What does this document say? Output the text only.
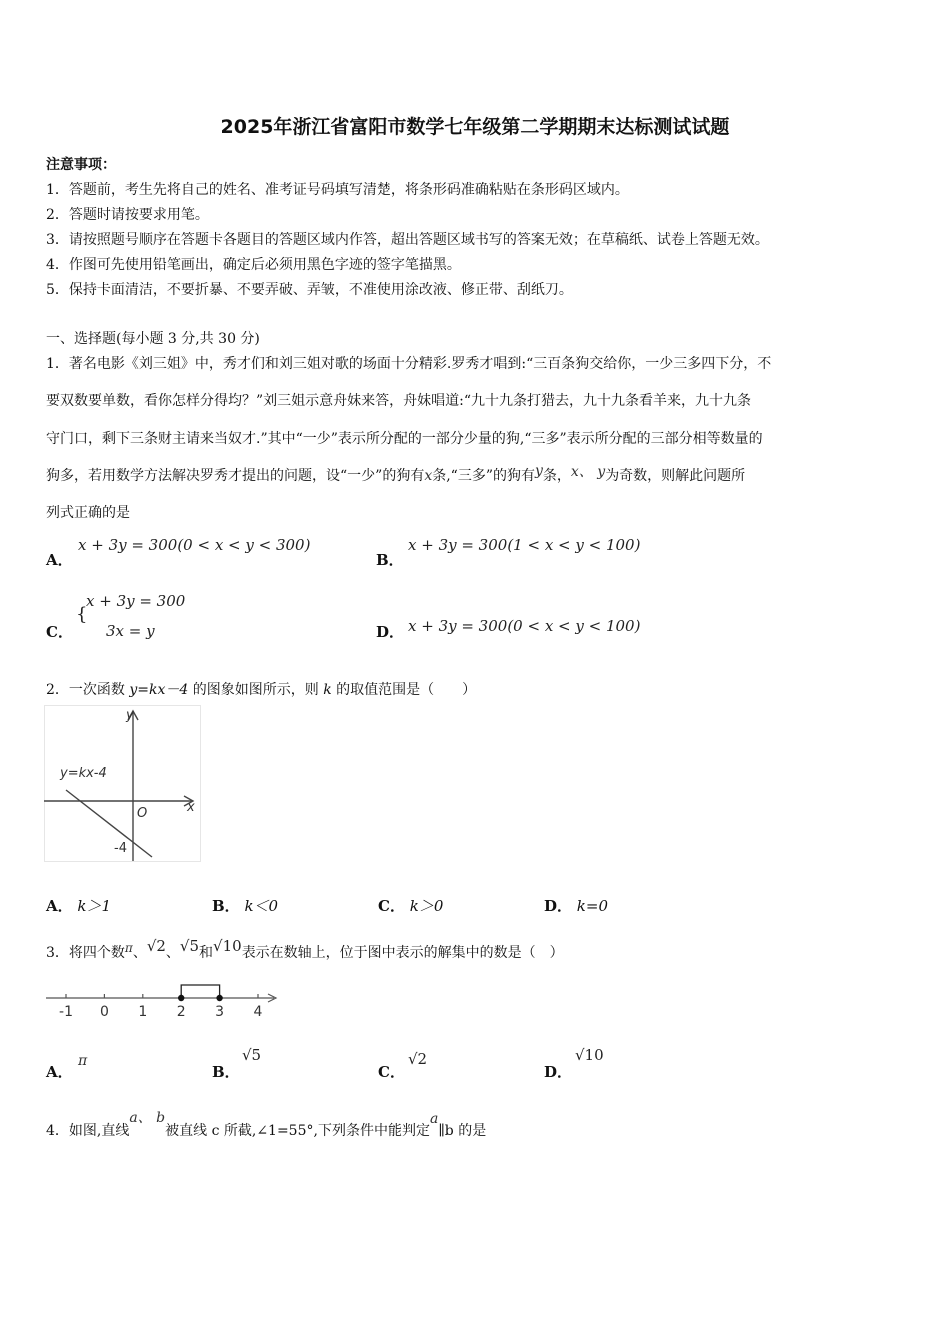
2025年浙江省富阳市数学七年级第二学期期末达标测试试题
注意事项：
1．答题前，考生先将自己的姓名、准考证号码填写清楚，将条形码准确粘贴在条形码区域内。
2．答题时请按要求用笔。
3．请按照题号顺序在答题卡各题目的答题区域内作答，超出答题区域书写的答案无效；在草稿纸、试卷上答题无效。
4．作图可先使用铅笔画出，确定后必须用黑色字迹的签字笔描黑。
5．保持卡面清洁，不要折暴、不要弄破、弄皱，不准使用涂改液、修正带、刮纸刀。
一、选择题(每小题 3 分,共 30 分)
1．著名电影《刘三姐》中，秀才们和刘三姐对歌的场面十分精彩.罗秀才唱到:“三百条狗交给你，一少三多四下分，不
要双数要单数，看你怎样分得均？”刘三姐示意舟妹来答，舟妹唱道:“九十九条打猎去，九十九条看羊来，九十九条
守门口，剩下三条财主请来当奴才.”其中“一少”表示所分配的一部分少量的狗,“三多”表示所分配的三部分相等数量的
狗多，若用数学方法解决罗秀才提出的问题，设“一少”的狗有x条,“三多”的狗有y条，x、 y为奇数，则解此问题所
列式正确的是
A．
x + 3y = 300(0 < x < y < 300)
B．
x + 3y = 300(1 < x < y < 100)
C．
{
x + 3y = 300
3x = y	D． x + 3y = 300(0 < x < y < 100)
2．一次函数 y=kx－4 的图象如图所示，则 k 的取值范围是（　　）
y=kx-4
y
x
O
-4
A． k＞1	B． k＜0	C． k＞0	D． k=0
3．将四个数π、√2、√5和√10表示在数轴上，位于图中表示的解集中的数是（　）
-1 0 1 2 3 4
A．
π
B．
√5
C．
√2
D．
√10
4．如图,直线a、 b被直线 c 所截,∠1=55°,下列条件中能判定a∥b 的是
